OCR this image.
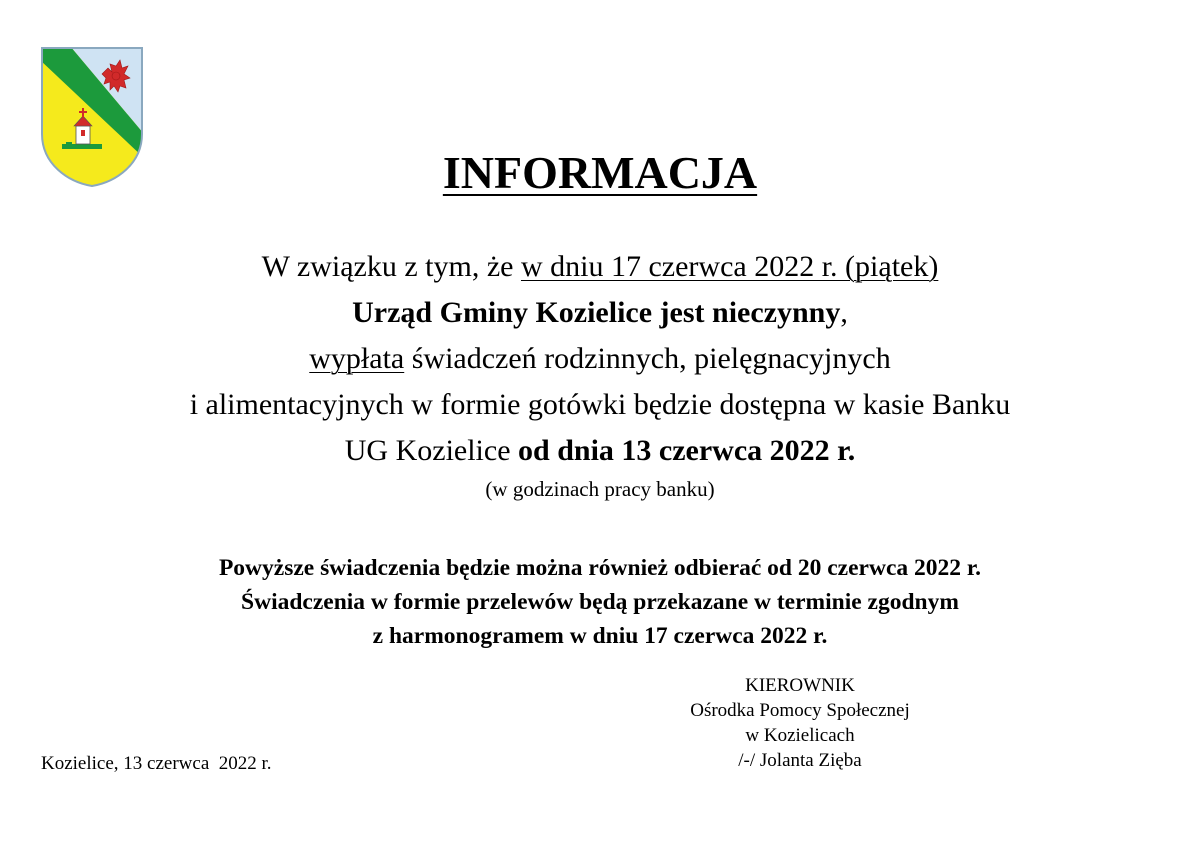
INFORMACJA
W związku z tym, że w dniu 17 czerwca 2022 r. (piątek)
Urząd Gminy Kozielice jest nieczynny,
wypłata świadczeń rodzinnych, pielęgnacyjnych
i alimentacyjnych w formie gotówki będzie dostępna w kasie Banku
UG Kozielice od dnia 13 czerwca 2022 r.
(w godzinach pracy banku)
Powyższe świadczenia będzie można również odbierać od 20 czerwca 2022 r.
Świadczenia w formie przelewów będą przekazane w terminie zgodnym
z harmonogramem w dniu 17 czerwca 2022 r.
KIEROWNIK
Ośrodka Pomocy Społecznej
w Kozielicach
/-/ Jolanta Zięba
Kozielice, 13 czerwca  2022 r.
